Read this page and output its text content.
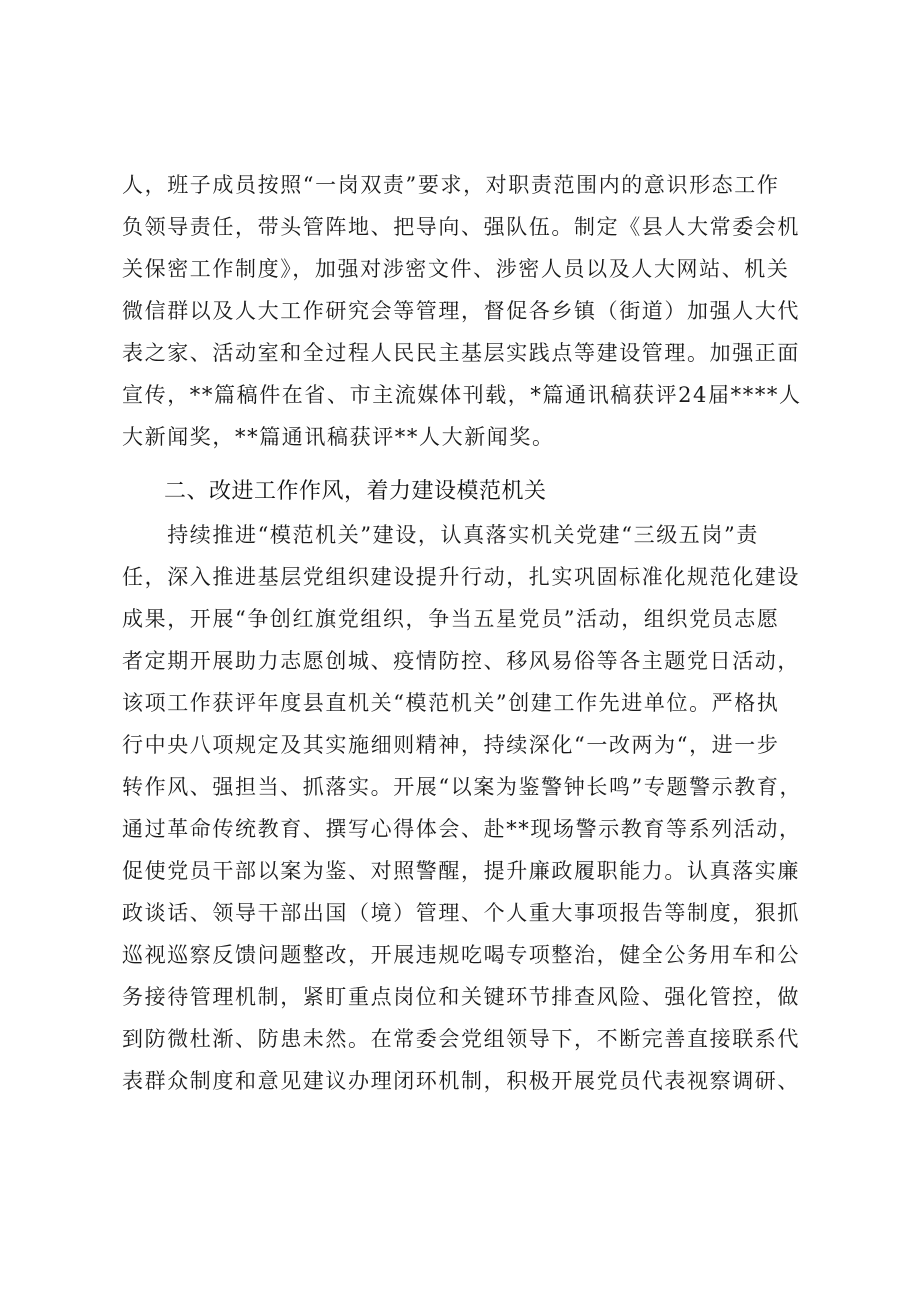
人，班子成员按照“一岗双责”要求，对职责范围内的意识形态工作
负领导责任，带头管阵地、把导向、强队伍。制定《县人大常委会机
关保密工作制度》，加强对涉密文件、涉密人员以及人大网站、机关
微信群以及人大工作研究会等管理，督促各乡镇（街道）加强人大代
表之家、活动室和全过程人民民主基层实践点等建设管理。加强正面
宣传，**篇稿件在省、市主流媒体刊载，*篇通讯稿获评24届****人
大新闻奖，**篇通讯稿获评**人大新闻奖。
二、改进工作作风，着力建设模范机关
　　持续推进“模范机关”建设，认真落实机关党建“三级五岗”责
任，深入推进基层党组织建设提升行动，扎实巩固标准化规范化建设
成果，开展“争创红旗党组织，争当五星党员”活动，组织党员志愿
者定期开展助力志愿创城、疫情防控、移风易俗等各主题党日活动，
该项工作获评年度县直机关“模范机关”创建工作先进单位。严格执
行中央八项规定及其实施细则精神，持续深化“一改两为“，进一步
转作风、强担当、抓落实。开展“以案为鉴警钟长鸣”专题警示教育，
通过革命传统教育、撰写心得体会、赴**现场警示教育等系列活动，
促使党员干部以案为鉴、对照警醒，提升廉政履职能力。认真落实廉
政谈话、领导干部出国（境）管理、个人重大事项报告等制度，狠抓
巡视巡察反馈问题整改，开展违规吃喝专项整治，健全公务用车和公
务接待管理机制，紧盯重点岗位和关键环节排查风险、强化管控，做
到防微杜渐、防患未然。在常委会党组领导下，不断完善直接联系代
表群众制度和意见建议办理闭环机制，积极开展党员代表视察调研、
